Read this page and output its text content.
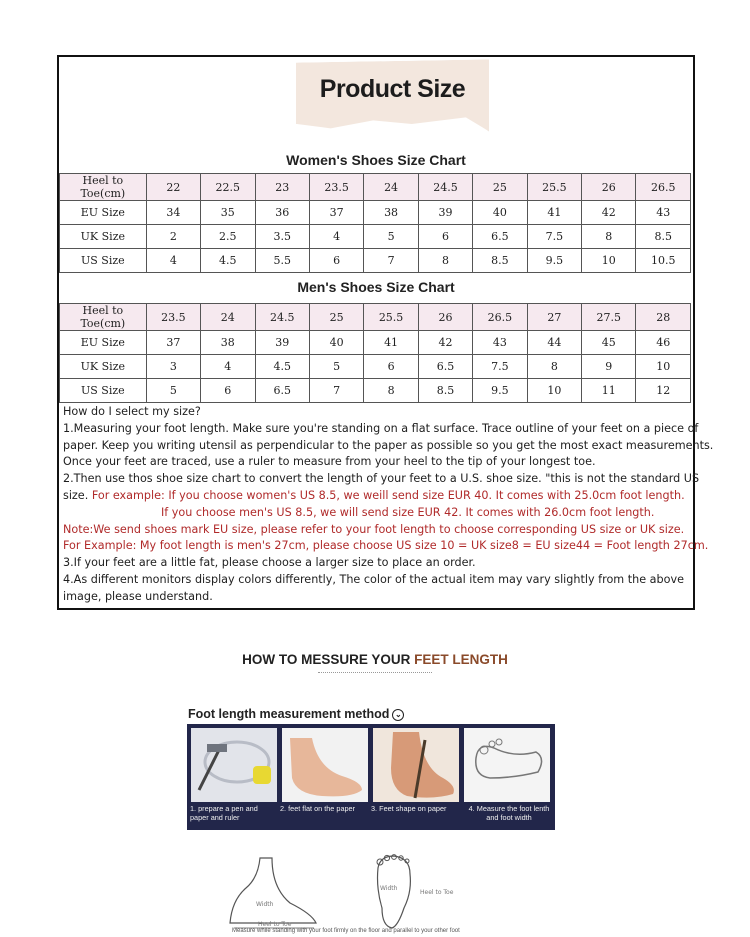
Product Size
Women's Shoes Size Chart
Heel to Toe(cm)	22	22.5	23	23.5	24	24.5	25	25.5	26	26.5
EU Size	34	35	36	37	38	39	40	41	42	43
UK Size	2	2.5	3.5	4	5	6	6.5	7.5	8	8.5
US Size	4	4.5	5.5	6	7	8	8.5	9.5	10	10.5
Men's Shoes Size Chart
Heel to Toe(cm)	23.5	24	24.5	25	25.5	26	26.5	27	27.5	28
EU Size	37	38	39	40	41	42	43	44	45	46
UK Size	3	4	4.5	5	6	6.5	7.5	8	9	10
US Size	5	6	6.5	7	8	8.5	9.5	10	11	12
How do I select my size?
1.Measuring your foot length. Make sure you're standing on a flat surface. Trace outline of your feet on a piece of
paper. Keep you writing utensil as perpendicular to the paper as possible so you get the most exact measurements.
Once your feet are traced, use a ruler to measure from your heel to the tip of your longest toe.
2.Then use thos shoe size chart to convert the length of your feet to a U.S. shoe size. "this is not the standard US
size. For example: If you choose women's US 8.5, we weill send size EUR 40. It comes with 25.0cm foot length.
If you choose men's US 8.5, we will send size EUR 42. It comes with 26.0cm foot length.
Note:We send shoes mark EU size, please refer to your foot length to choose corresponding US size or UK size.
For Example: My foot length is men's 27cm, please choose US size 10 = UK size8 = EU size44 = Foot length 27cm.
3.If your feet are a little fat, please choose a larger size to place an order.
4.As different monitors display colors differently, The color of the actual item may vary slightly from the above
image, please understand.
HOW TO MESSURE YOUR FEET LENGTH
Foot length measurement method ⌄
1. prepare a pen and paper and ruler
2. feet flat on the paper	3. Feet shape on paper	4. Measure the foot lenth and foot width
Width
Heel to Toe
Width
Heel to Toe
Measure while standing with your foot firmly on the floor and parallel to your other foot
